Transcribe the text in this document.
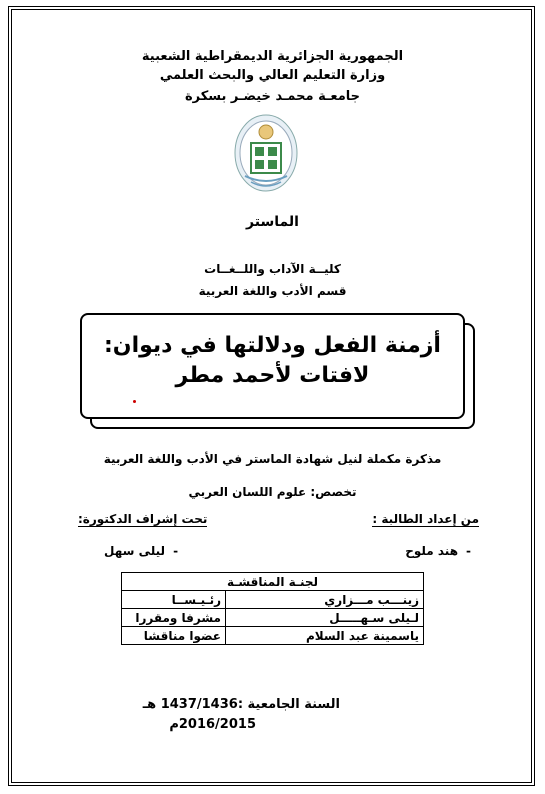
الجمهورية الجزائرية الديمقراطية الشعبية
وزارة التعليم العالي والبحث العلمي
جامعـة محمـد خيضـر بسكرة
الماستر
كليــة الآداب واللــغــات
قسم الأدب واللغة العربية
أزمنة الفعل ودلالتها في ديوان:
لافتات لأحمد مطر
مذكرة مكملة لنيل شهادة الماستر في الأدب واللغة العربية
تخصص: علوم اللسان العربي
من إعداد الطالبة :
تحت إشراف الدكتورة:
-هند ملوح
-ليلى سهل
لجنـة المناقشـة	
زينـــب مـــزاري	رئـيـســا
لـيلى سـهـــــل	مشرفا ومقررا
ياسمينة عبد السلام	عضوا مناقشا
السنة الجامعية :1437/1436 هـ
2016/2015م
